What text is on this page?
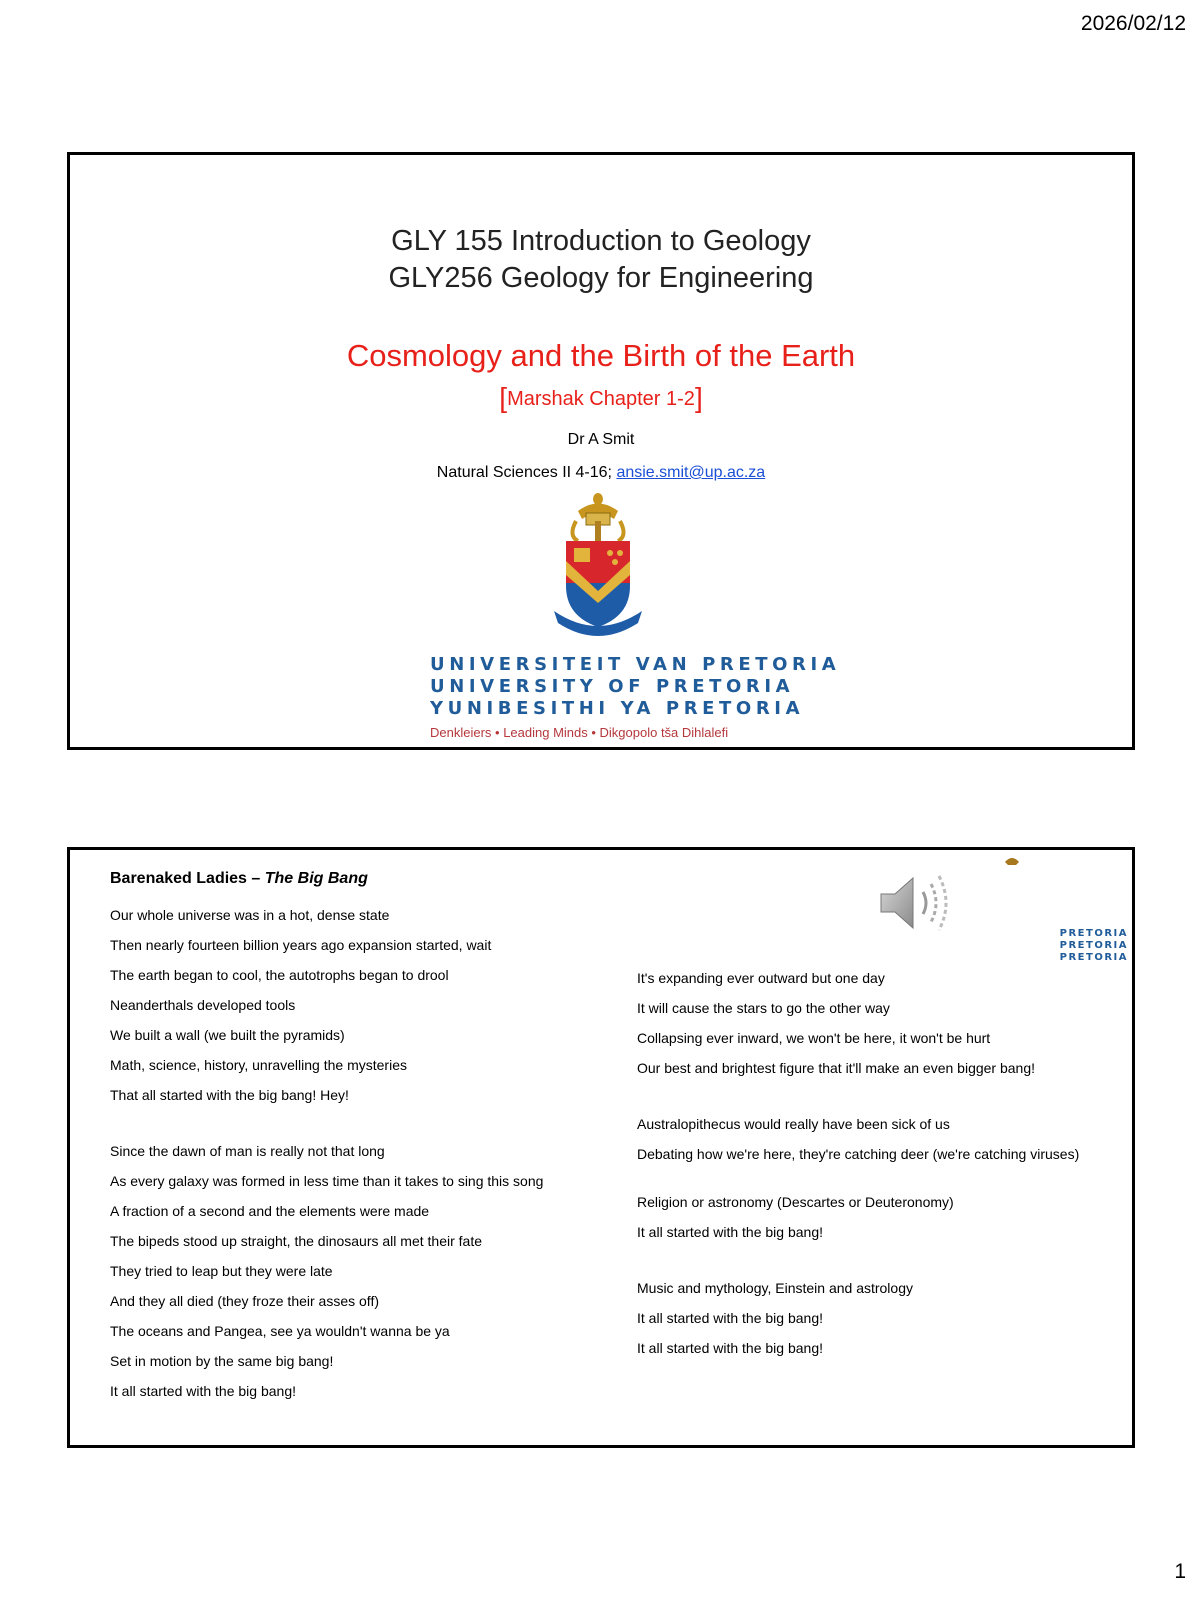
2026/02/12
GLY 155 Introduction to Geology
GLY256 Geology for Engineering
Cosmology and the Birth of the Earth
[Marshak Chapter 1-2]
Dr A Smit
Natural Sciences II 4-16; ansie.smit@up.ac.za
UNIVERSITEIT VAN PRETORIA
UNIVERSITY OF PRETORIA
YUNIBESITHI YA PRETORIA
Denkleiers • Leading Minds • Dikgopolo tša Dihlalefi
Barenaked Ladies – The Big Bang
PRETORIA
PRETORIA
PRETORIA
Our whole universe was in a hot, dense state
Then nearly fourteen billion years ago expansion started, wait
The earth began to cool, the autotrophs began to drool
Neanderthals developed tools
We built a wall (we built the pyramids)
Math, science, history, unravelling the mysteries
That all started with the big bang! Hey!
Since the dawn of man is really not that long
As every galaxy was formed in less time than it takes to sing this song
A fraction of a second and the elements were made
The bipeds stood up straight, the dinosaurs all met their fate
They tried to leap but they were late
And they all died (they froze their asses off)
The oceans and Pangea, see ya wouldn't wanna be ya
Set in motion by the same big bang!
It all started with the big bang!
It's expanding ever outward but one day
It will cause the stars to go the other way
Collapsing ever inward, we won't be here, it won't be hurt
Our best and brightest figure that it'll make an even bigger bang!
Australopithecus would really have been sick of us
Debating how we're here, they're catching deer (we're catching viruses)
Religion or astronomy (Descartes or Deuteronomy)
It all started with the big bang!
Music and mythology, Einstein and astrology
It all started with the big bang!
It all started with the big bang!
1
